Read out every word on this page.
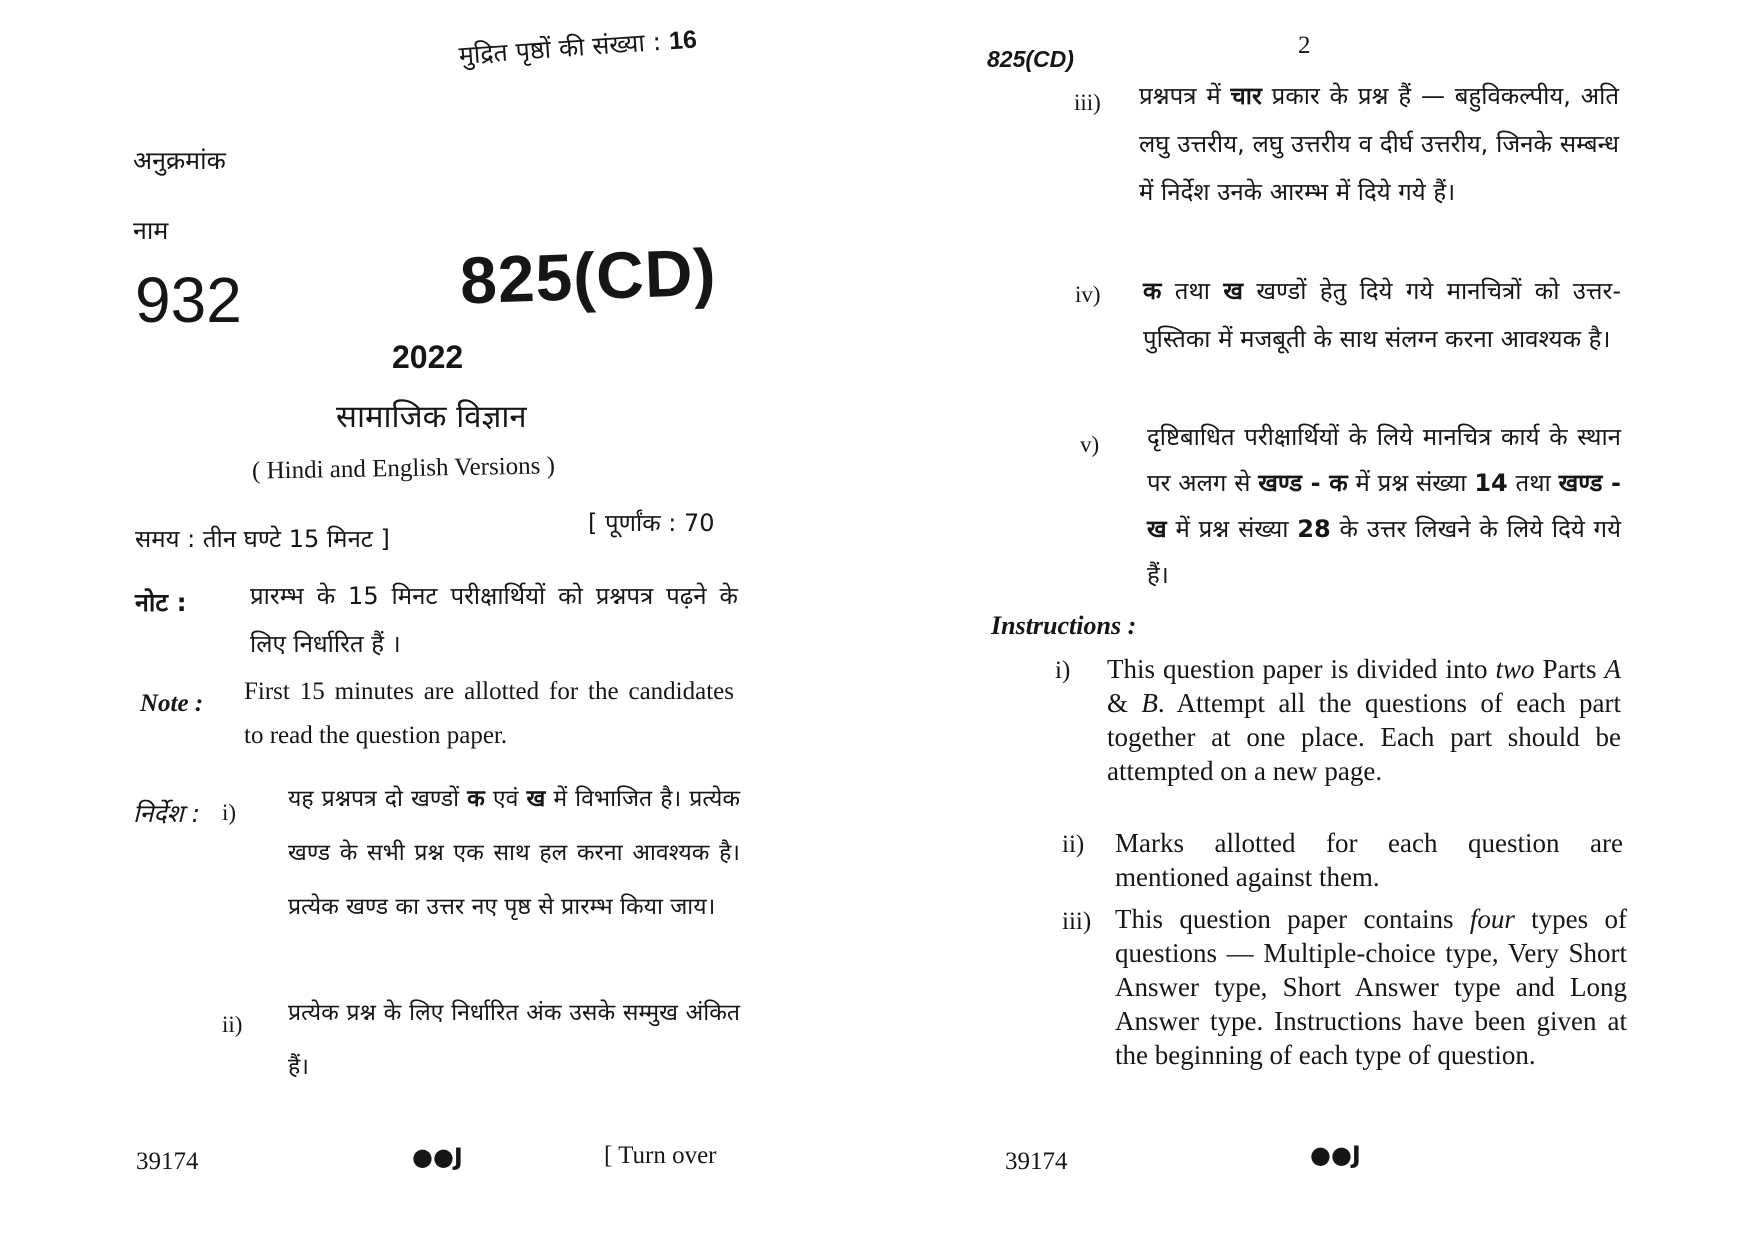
मुद्रित पृष्ठों की संख्या : 16
अनुक्रमांक
नाम
932	825(CD)
2022
सामाजिक विज्ञान
( Hindi and English Versions )
समय : तीन घण्टे 15 मिनट ]
[ पूर्णांक : 70
नोट :	प्रारम्भ के 15 मिनट परीक्षार्थियों को प्रश्नपत्र पढ़ने के लिए निर्धारित हैं ।
Note : First 15 minutes are allotted for the candidates to read the question paper.
निर्देश : i)
यह प्रश्नपत्र दो खण्डों क एवं ख में विभाजित है। प्रत्येक खण्ड के सभी प्रश्न एक साथ हल करना आवश्यक है। प्रत्येक खण्ड का उत्तर नए पृष्ठ से प्रारम्भ किया जाय।
ii) प्रत्येक प्रश्न के लिए निर्धारित अंक उसके सम्मुख अंकित हैं।
39174	●●J	[ Turn over
825(CD)	2
iii) प्रश्नपत्र में चार प्रकार के प्रश्न हैं — बहुविकल्पीय, अति लघु उत्तरीय, लघु उत्तरीय व दीर्घ उत्तरीय, जिनके सम्बन्ध में निर्देश उनके आरम्भ में दिये गये हैं।
iv) क तथा ख खण्डों हेतु दिये गये मानचित्रों को उत्तर-पुस्तिका में मजबूती के साथ संलग्न करना आवश्यक है।
v) दृष्टिबाधित परीक्षार्थियों के लिये मानचित्र कार्य के स्थान पर अलग से खण्ड - क में प्रश्न संख्या 14 तथा खण्ड - ख में प्रश्न संख्या 28 के उत्तर लिखने के लिये दिये गये हैं।
Instructions :
i) This question paper is divided into two Parts A & B. Attempt all the questions of each part together at one place. Each part should be attempted on a new page.
ii) Marks allotted for each question are mentioned against them.
iii) This question paper contains four types of questions — Multiple-choice type, Very Short Answer type, Short Answer type and Long Answer type. Instructions have been given at the beginning of each type of question.
39174	●●J
